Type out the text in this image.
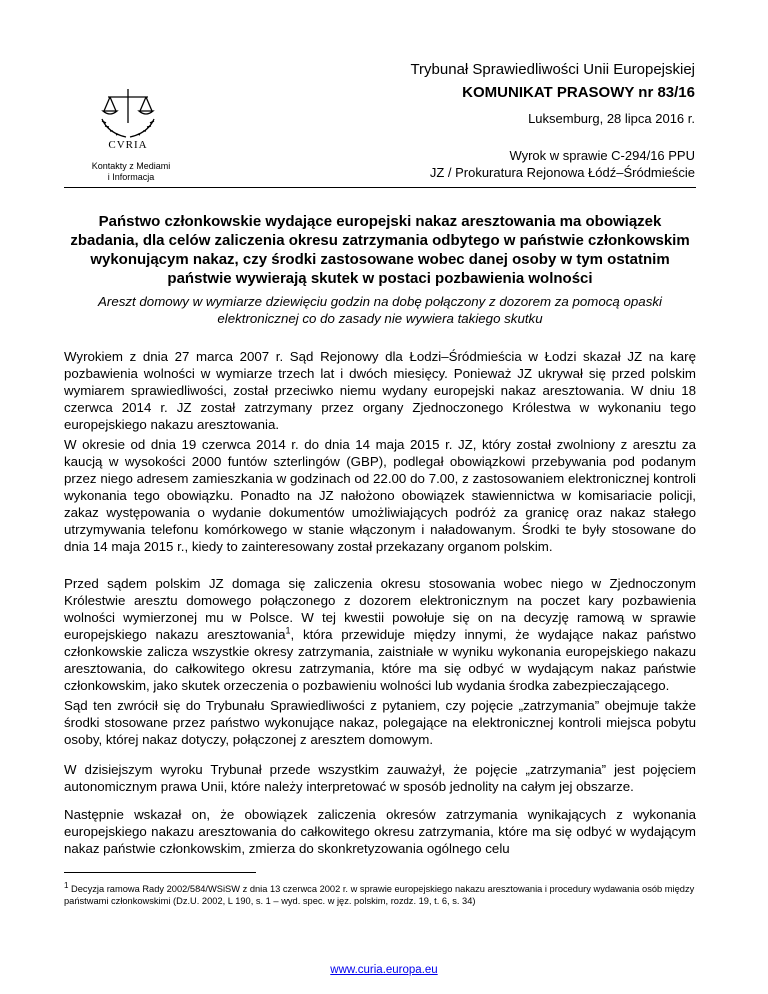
CVRIA
Kontakty z Mediami
i Informacja
Trybunał Sprawiedliwości Unii Europejskiej
KOMUNIKAT PRASOWY nr 83/16
Luksemburg, 28 lipca 2016 r.
Wyrok w sprawie C-294/16 PPU
JZ / Prokuratura Rejonowa Łódź–Śródmieście
Państwo członkowskie wydające europejski nakaz aresztowania ma obowiązek zbadania, dla celów zaliczenia okresu zatrzymania odbytego w państwie członkowskim wykonującym nakaz, czy środki zastosowane wobec danej osoby w tym ostatnim państwie wywierają skutek w postaci pozbawienia wolności
Areszt domowy w wymiarze dziewięciu godzin na dobę połączony z dozorem za pomocą opaski elektronicznej co do zasady nie wywiera takiego skutku

Wyrokiem z dnia 27 marca 2007 r. Sąd Rejonowy dla Łodzi–Śródmieścia w Łodzi skazał JZ na karę pozbawienia wolności w wymiarze trzech lat i dwóch miesięcy. Ponieważ JZ ukrywał się przed polskim wymiarem sprawiedliwości, został przeciwko niemu wydany europejski nakaz aresztowania. W dniu 18 czerwca 2014 r. JZ został zatrzymany przez organy Zjednoczonego Królestwa w wykonaniu tego europejskiego nakazu aresztowania.

W okresie od dnia 19 czerwca 2014 r. do dnia 14 maja 2015 r. JZ, który został zwolniony z aresztu za kaucją w wysokości 2000 funtów szterlingów (GBP), podlegał obowiązkowi przebywania pod podanym przez niego adresem zamieszkania w godzinach od 22.00 do 7.00, z zastosowaniem elektronicznej kontroli wykonania tego obowiązku. Ponadto na JZ nałożono obowiązek stawiennictwa w komisariacie policji, zakaz występowania o wydanie dokumentów umożliwiających podróż za granicę oraz nakaz stałego utrzymywania telefonu komórkowego w stanie włączonym i naładowanym. Środki te były stosowane do dnia 14 maja 2015 r., kiedy to zainteresowany został przekazany organom polskim.

Przed sądem polskim JZ domaga się zaliczenia okresu stosowania wobec niego w Zjednoczonym Królestwie aresztu domowego połączonego z dozorem elektronicznym na poczet kary pozbawienia wolności wymierzonej mu w Polsce. W tej kwestii powołuje się on na decyzję ramową w sprawie europejskiego nakazu aresztowania$^1$, która przewiduje między innymi, że wydające nakaz państwo członkowskie zalicza wszystkie okresy zatrzymania, zaistniałe w wyniku wykonania europejskiego nakazu aresztowania, do całkowitego okresu zatrzymania, które ma się odbyć w wydającym nakaz państwie członkowskim, jako skutek orzeczenia o pozbawieniu wolności lub wydania środka zabezpieczającego.

Sąd ten zwrócił się do Trybunału Sprawiedliwości z pytaniem, czy pojęcie „zatrzymania” obejmuje także środki stosowane przez państwo wykonujące nakaz, polegające na elektronicznej kontroli miejsca pobytu osoby, której nakaz dotyczy, połączonej z aresztem domowym.

W dzisiejszym wyroku Trybunał przede wszystkim zauważył, że pojęcie „zatrzymania” jest pojęciem autonomicznym prawa Unii, które należy interpretować w sposób jednolity na całym jej obszarze.

Następnie wskazał on, że obowiązek zaliczenia okresów zatrzymania wynikających z wykonania europejskiego nakazu aresztowania do całkowitego okresu zatrzymania, które ma się odbyć w wydającym nakaz państwie członkowskim, zmierza do skonkretyzowania ogólnego celu

$^1$ Decyzja ramowa Rady 2002/584/WSiSW z dnia 13 czerwca 2002 r. w sprawie europejskiego nakazu aresztowania i procedury wydawania osób między państwami członkowskimi (Dz.U. 2002, L 190, s. 1 – wyd. spec. w jęz. polskim, rozdz. 19, t. 6, s. 34)

www.curia.europa.eu
